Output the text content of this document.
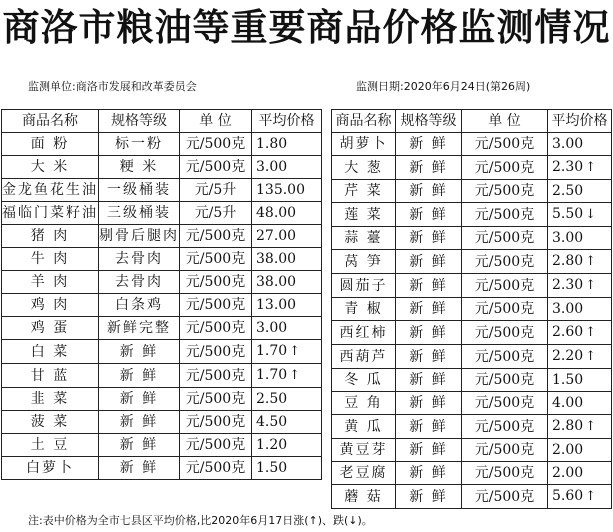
商洛市粮油等重要商品价格监测情况
监测单位:商洛市发展和改革委员会	监测日期:2020年6月24日(第26周)
商品名称	规格等级	单 位	平均价格
面 粉	标一粉	元/500克	1.80
大 米	粳 米	元/500克	3.00
金龙鱼花生油	一级桶装	元/5升	135.00
福临门菜籽油	三级桶装	元/5升	48.00
猪 肉	剔骨后腿肉	元/500克	27.00
牛 肉	去骨肉	元/500克	38.00
羊 肉	去骨肉	元/500克	38.00
鸡 肉	白条鸡	元/500克	13.00
鸡 蛋	新鲜完整	元/500克	3.00
白 菜	新 鲜	元/500克	1.70 ↑
甘 蓝	新 鲜	元/500克	1.70 ↑
韭 菜	新 鲜	元/500克	2.50
菠 菜	新 鲜	元/500克	4.50
土 豆	新 鲜	元/500克	1.20
白萝卜	新 鲜	元/500克	1.50
商品名称	规格等级	单 位	平均价格
胡萝卜	新 鲜	元/500克	3.00
大 葱	新 鲜	元/500克	2.30 ↑
芹 菜	新 鲜	元/500克	2.50
莲 菜	新 鲜	元/500克	5.50 ↓
蒜 薹	新 鲜	元/500克	3.00
莴 笋	新 鲜	元/500克	2.80 ↑
圆茄子	新 鲜	元/500克	2.30 ↑
青 椒	新 鲜	元/500克	3.00
西红柿	新 鲜	元/500克	2.60 ↑
西葫芦	新 鲜	元/500克	2.20 ↑
冬 瓜	新 鲜	元/500克	1.50
豆 角	新 鲜	元/500克	4.00
黄 瓜	新 鲜	元/500克	2.80 ↑
黄豆芽	新 鲜	元/500克	2.00
老豆腐	新 鲜	元/500克	2.00
蘑 菇	新 鲜	元/500克	5.60 ↑
注:表中价格为全市七县区平均价格,比2020年6月17日涨(↑)、跌(↓)。
